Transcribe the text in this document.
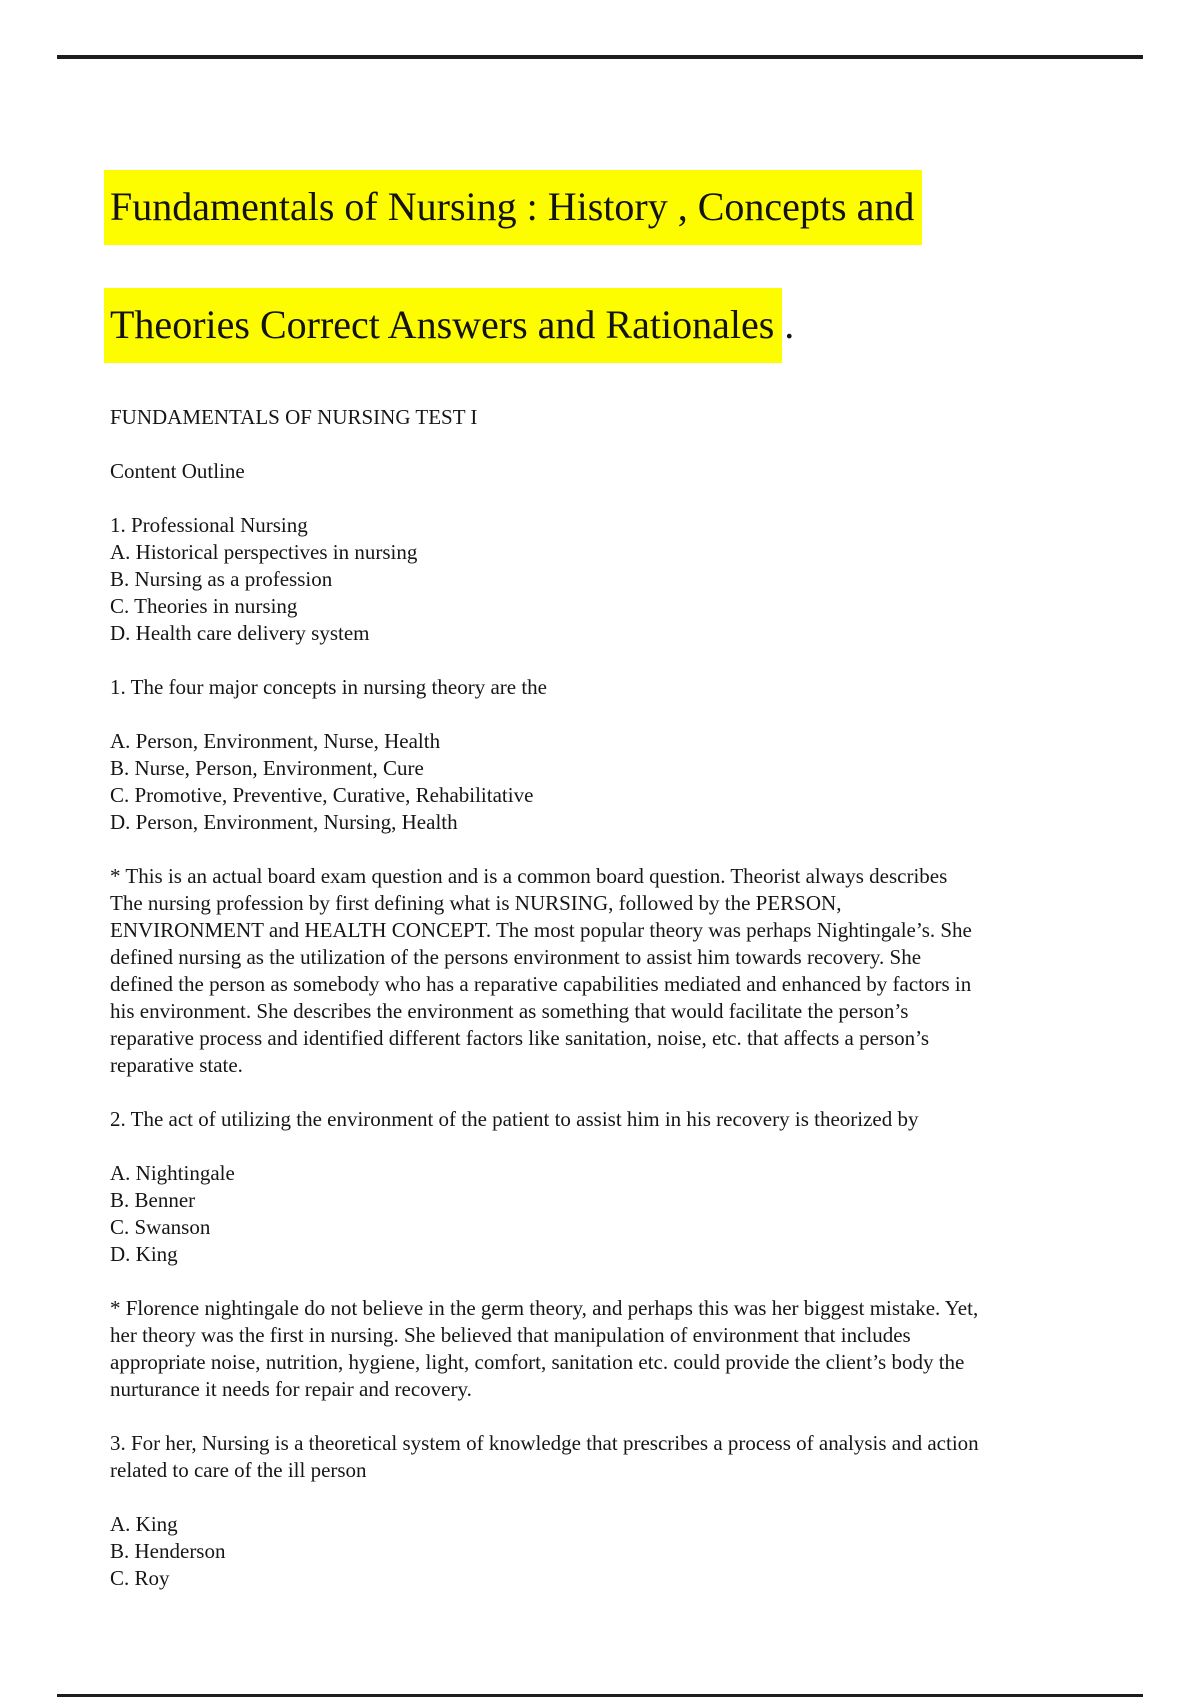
Fundamentals of Nursing : History , Concepts and
Theories Correct Answers and Rationales .
FUNDAMENTALS OF NURSING TEST I
Content Outline
1. Professional Nursing
A. Historical perspectives in nursing
B. Nursing as a profession
C. Theories in nursing
D. Health care delivery system
1. The four major concepts in nursing theory are the
A. Person, Environment, Nurse, Health
B. Nurse, Person, Environment, Cure
C. Promotive, Preventive, Curative, Rehabilitative
D. Person, Environment, Nursing, Health
* This is an actual board exam question and is a common board question. Theorist always describes
The nursing profession by first defining what is NURSING, followed by the PERSON,
ENVIRONMENT and HEALTH CONCEPT. The most popular theory was perhaps Nightingale’s. She
defined nursing as the utilization of the persons environment to assist him towards recovery. She
defined the person as somebody who has a reparative capabilities mediated and enhanced by factors in
his environment. She describes the environment as something that would facilitate the person’s
reparative process and identified different factors like sanitation, noise, etc. that affects a person’s
reparative state.
2. The act of utilizing the environment of the patient to assist him in his recovery is theorized by
A. Nightingale
B. Benner
C. Swanson
D. King
* Florence nightingale do not believe in the germ theory, and perhaps this was her biggest mistake. Yet,
her theory was the first in nursing. She believed that manipulation of environment that includes
appropriate noise, nutrition, hygiene, light, comfort, sanitation etc. could provide the client’s body the
nurturance it needs for repair and recovery.
3. For her, Nursing is a theoretical system of knowledge that prescribes a process of analysis and action
related to care of the ill person
A. King
B. Henderson
C. Roy
